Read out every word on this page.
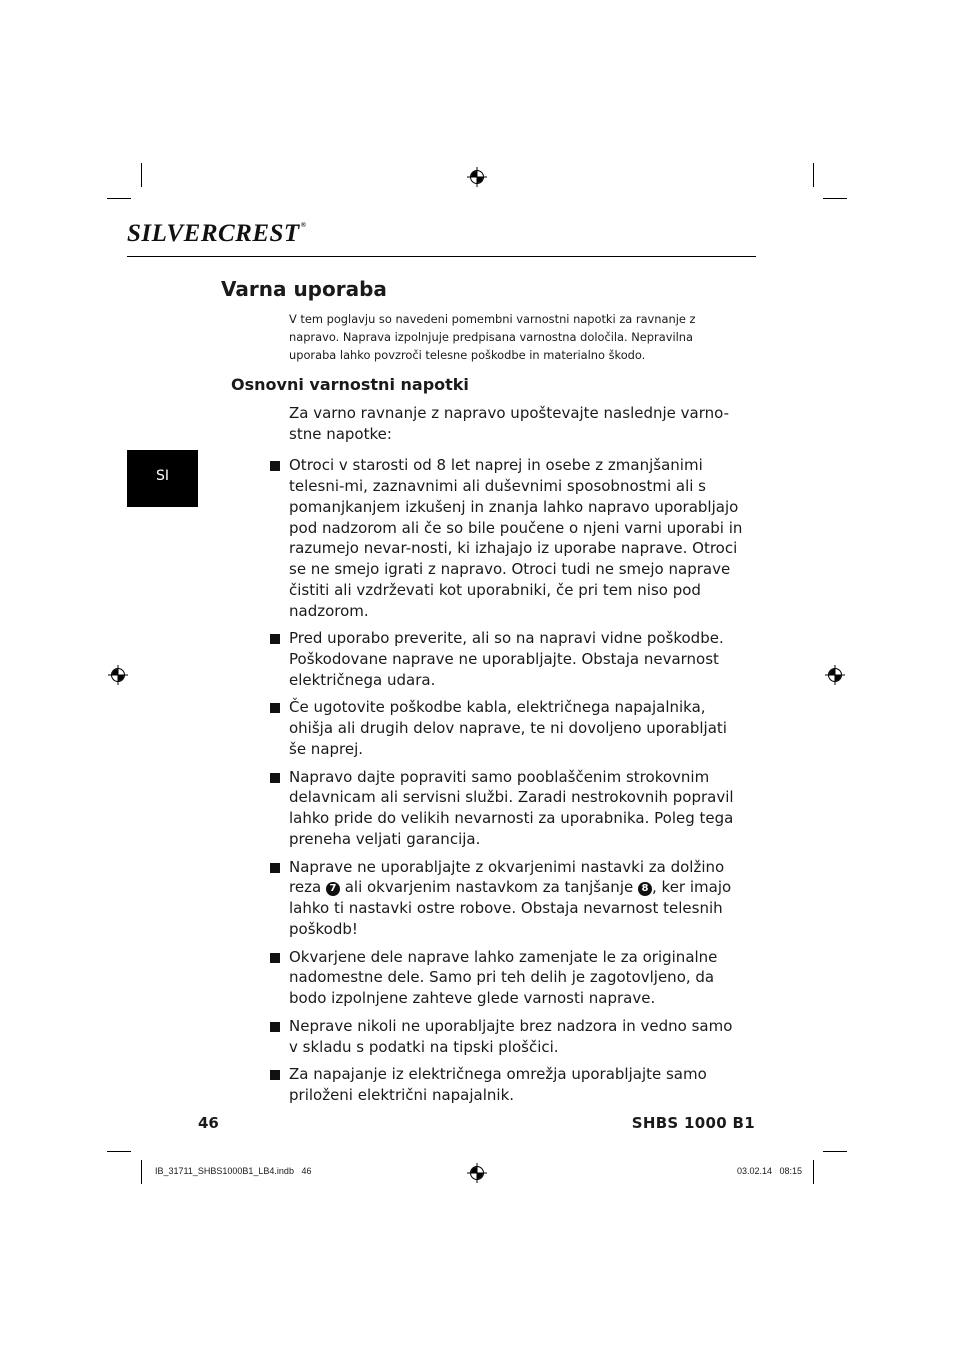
SILVERCREST®
Varna uporaba

V tem poglavju so navedeni pomembni varnostni napotki za ravnanje z napravo. Naprava izpolnjuje predpisana varnostna določila. Nepravilna uporaba lahko povzroči telesne poškodbe in materialno škodo.

Osnovni varnostni napotki

Za varno ravnanje z napravo upoštevajte naslednje varno-stne napotke:

SI
Otroci v starosti od 8 let naprej in osebe z zmanjšanimi telesni-mi, zaznavnimi ali duševnimi sposobnostmi ali s pomanjkanjem izkušenj in znanja lahko napravo uporabljajo pod nadzorom ali če so bile poučene o njeni varni uporabi in razumejo nevar-nosti, ki izhajajo iz uporabe naprave. Otroci se ne smejo igrati z napravo. Otroci tudi ne smejo naprave čistiti ali vzdrževati kot uporabniki, če pri tem niso pod nadzorom.
Pred uporabo preverite, ali so na napravi vidne poškodbe. Poškodovane naprave ne uporabljajte. Obstaja nevarnost električnega udara.
Če ugotovite poškodbe kabla, električnega napajalnika, ohišja ali drugih delov naprave, te ni dovoljeno uporabljati še naprej.
Napravo dajte popraviti samo pooblaščenim strokovnim delavnicam ali servisni službi. Zaradi nestrokovnih popravil lahko pride do velikih nevarnosti za uporabnika. Poleg tega preneha veljati garancija.
Naprave ne uporabljajte z okvarjenimi nastavki za dolžino reza 7 ali okvarjenim nastavkom za tanjšanje 8 , ker imajo lahko ti nastavki ostre robove. Obstaja nevarnost telesnih poškodb!
Okvarjene dele naprave lahko zamenjate le za originalne nadomestne dele. Samo pri teh delih je zagotovljeno, da bodo izpolnjene zahteve glede varnosti naprave.
Neprave nikoli ne uporabljajte brez nadzora in vedno samo v skladu s podatki na tipski ploščici.
Za napajanje iz električnega omrežja uporabljajte samo priloženi električni napajalnik.
46	SHBS 1000 B1
IB_31711_SHBS1000B1_LB4.indb   46	03.02.14   08:15
